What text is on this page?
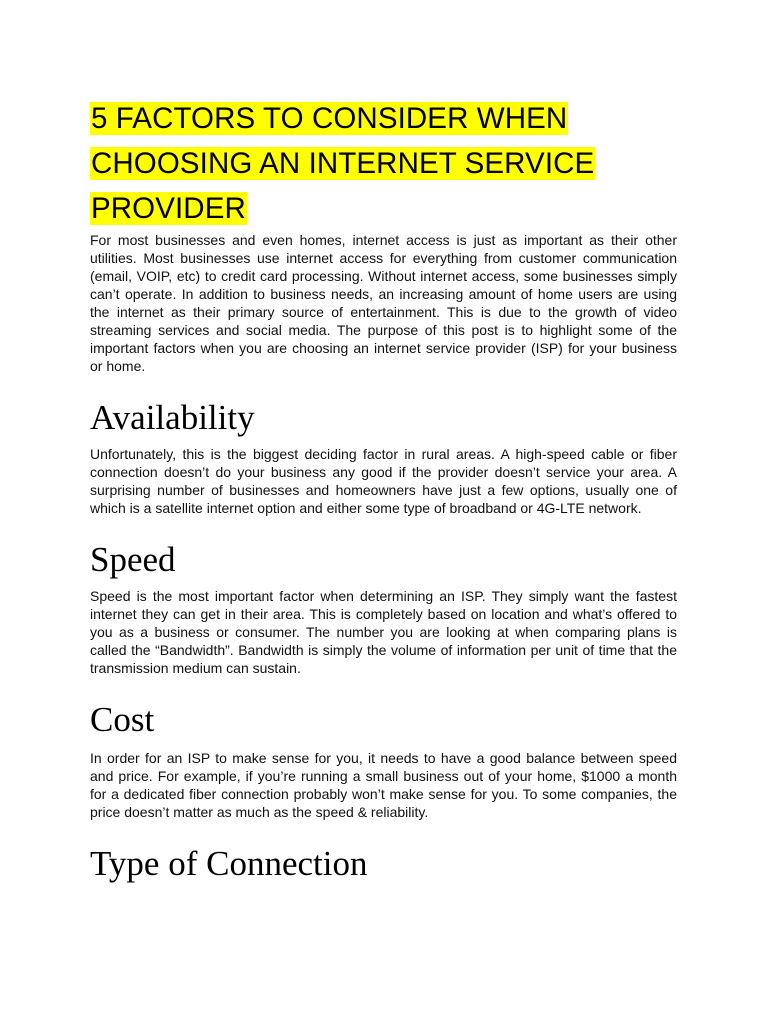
5 FACTORS TO CONSIDER WHEN CHOOSING AN INTERNET SERVICE PROVIDER

For most businesses and even homes, internet access is just as important as their other utilities. Most businesses use internet access for everything from customer communication (email, VOIP, etc) to credit card processing. Without internet access, some businesses simply can’t operate. In addition to business needs, an increasing amount of home users are using the internet as their primary source of entertainment. This is due to the growth of video streaming services and social media. The purpose of this post is to highlight some of the important factors when you are choosing an internet service provider (ISP) for your business or home.

Availability

Unfortunately, this is the biggest deciding factor in rural areas. A high-speed cable or fiber connection doesn’t do your business any good if the provider doesn’t service your area. A surprising number of businesses and homeowners have just a few options, usually one of which is a satellite internet option and either some type of broadband or 4G-LTE network.

Speed

Speed is the most important factor when determining an ISP. They simply want the fastest internet they can get in their area. This is completely based on location and what’s offered to you as a business or consumer. The number you are looking at when comparing plans is called the “Bandwidth”. Bandwidth is simply the volume of information per unit of time that the transmission medium can sustain.

Cost

In order for an ISP to make sense for you, it needs to have a good balance between speed and price. For example, if you’re running a small business out of your home, $1000 a month for a dedicated fiber connection probably won’t make sense for you. To some companies, the price doesn’t matter as much as the speed & reliability.

Type of Connection
